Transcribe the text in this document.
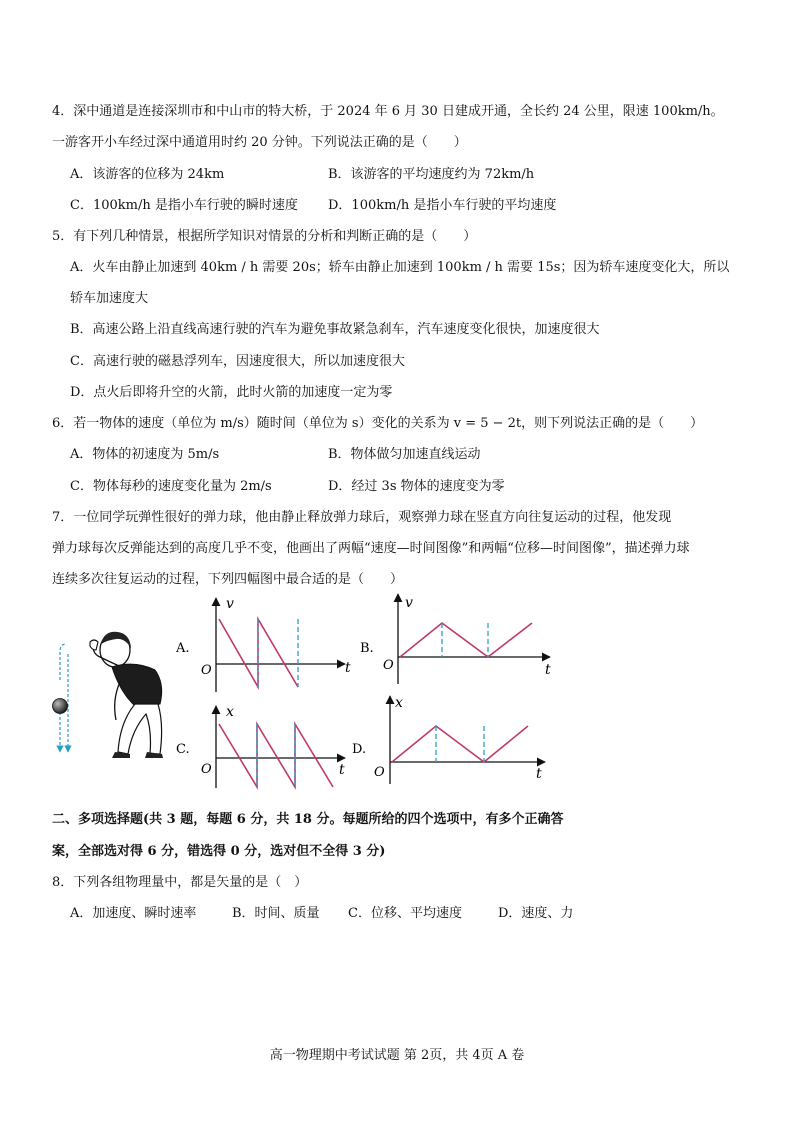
4．深中通道是连接深圳市和中山市的特大桥，于 2024 年 6 月 30 日建成开通，全长约 24 公里，限速 100km/h。
一游客开小车经过深中通道用时约 20 分钟。下列说法正确的是（　　）
A．该游客的位移为 24km	B．该游客的平均速度约为 72km/h
C．100km/h 是指小车行驶的瞬时速度 D．100km/h 是指小车行驶的平均速度
5．有下列几种情景，根据所学知识对情景的分析和判断正确的是（　　）
A．火车由静止加速到 40km / h 需要 20s；轿车由静止加速到 100km / h 需要 15s；因为轿车速度变化大，所以
轿车加速度大
B．高速公路上沿直线高速行驶的汽车为避免事故紧急刹车，汽车速度变化很快，加速度很大
C．高速行驶的磁悬浮列车，因速度很大，所以加速度很大
D．点火后即将升空的火箭，此时火箭的加速度一定为零
6．若一物体的速度（单位为 m/s）随时间（单位为 s）变化的关系为 v = 5 − 2t，则下列说法正确的是（　　）
A．物体的初速度为 5m/s	B．物体做匀加速直线运动
C．物体每秒的速度变化量为 2m/s	D．经过 3s 物体的速度变为零
7．一位同学玩弹性很好的弹力球，他由静止释放弹力球后，观察弹力球在竖直方向往复运动的过程，他发现
弹力球每次反弹能达到的高度几乎不变，他画出了两幅“速度—时间图像”和两幅“位移—时间图像”，描述弹力球
连续多次往复运动的过程，下列四幅图中最合适的是（　　）
A.
v
O	t
B.
v
O	t
C.
x
O	t
D.
x
O	t
二、多项选择题(共 3 题，每题 6 分，共 18 分。每题所给的四个选项中，有多个正确答
案，全部选对得 6 分，错选得 0 分，选对但不全得 3 分)
8．下列各组物理量中，都是矢量的是（　）
A．加速度、瞬时速率	B．时间、质量 C．位移、平均速度	D．速度、力
高一物理期中考试试题 第 2页，共 4页 A 卷
